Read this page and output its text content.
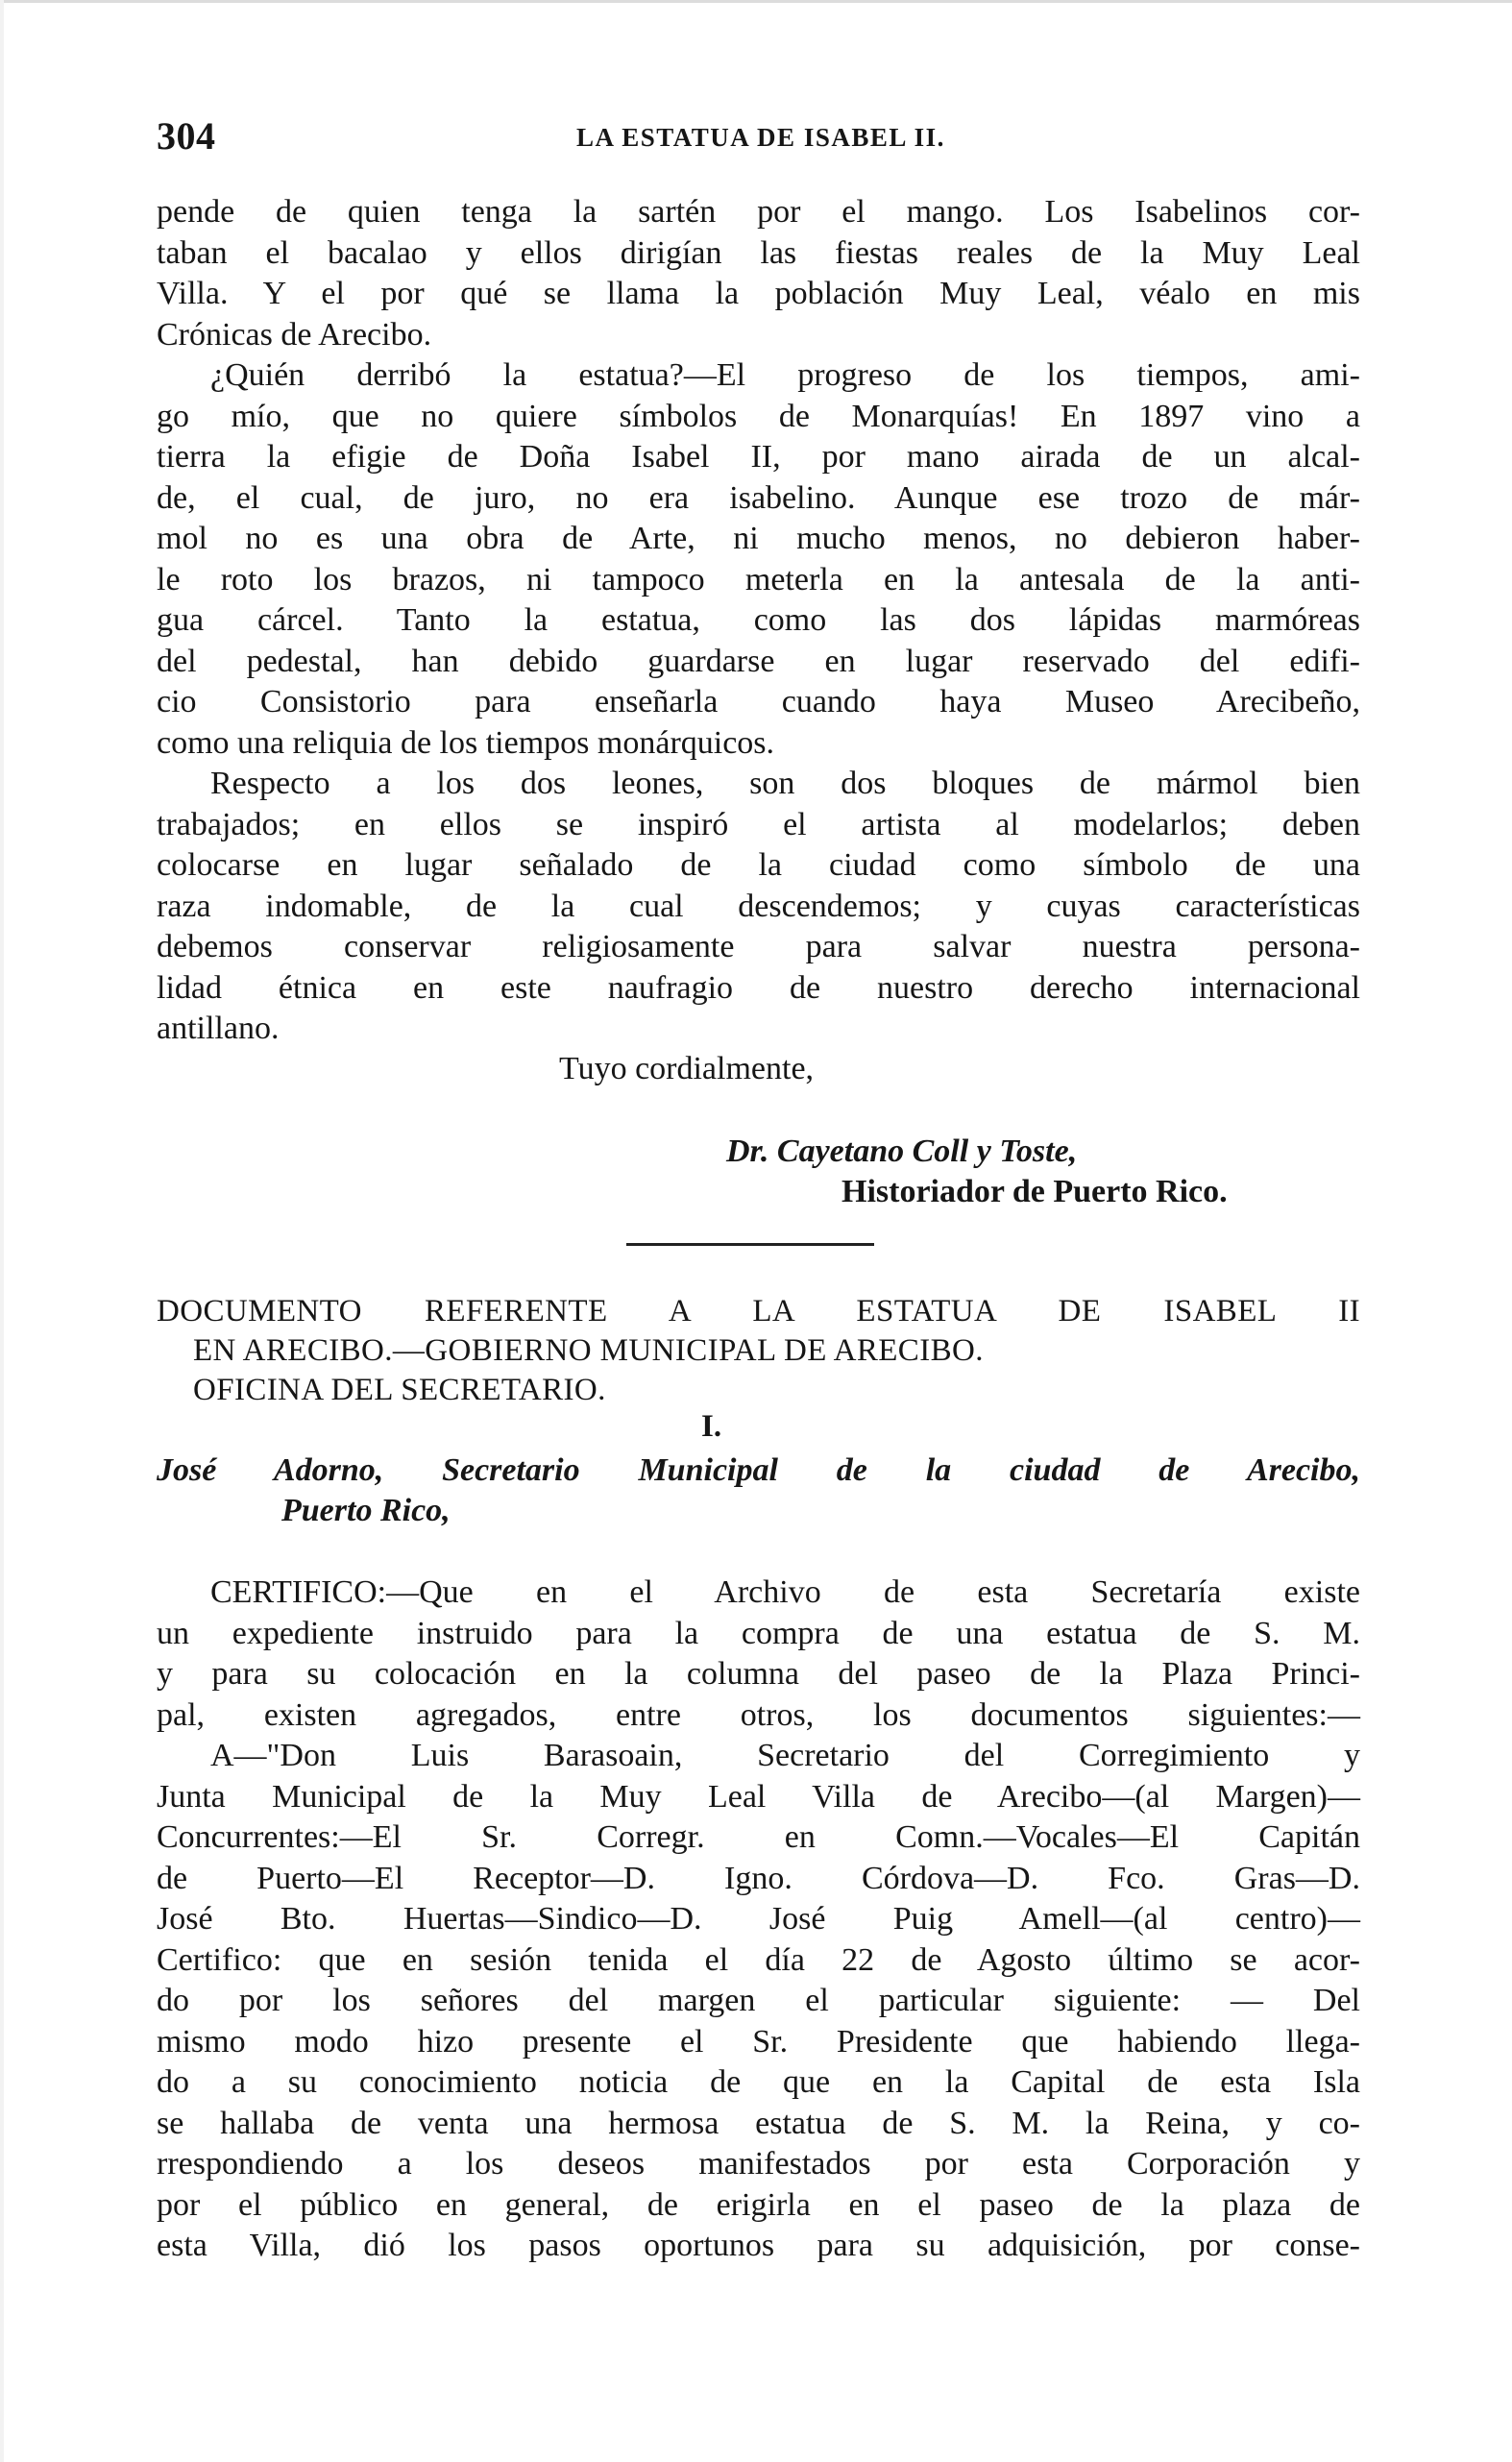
304	LA ESTATUA DE ISABEL II.
pende de quien tenga la sartén por el mango. Los Isabelinos cor-
taban el bacalao y ellos dirigían las fiestas reales de la Muy Leal
Villa. Y el por qué se llama la población Muy Leal, véalo en mis
Crónicas de Arecibo.
¿Quién derribó la estatua?—El progreso de los tiempos, ami-
go mío, que no quiere símbolos de Monarquías! En 1897 vino a
tierra la efigie de Doña Isabel II, por mano airada de un alcal-
de, el cual, de juro, no era isabelino. Aunque ese trozo de már-
mol no es una obra de Arte, ni mucho menos, no debieron haber-
le roto los brazos, ni tampoco meterla en la antesala de la anti-
gua cárcel. Tanto la estatua, como las dos lápidas marmóreas
del pedestal, han debido guardarse en lugar reservado del edifi-
cio Consistorio para enseñarla cuando haya Museo Arecibeño,
como una reliquia de los tiempos monárquicos.
Respecto a los dos leones, son dos bloques de mármol bien
trabajados; en ellos se inspiró el artista al modelarlos; deben
colocarse en lugar señalado de la ciudad como símbolo de una
raza indomable, de la cual descendemos; y cuyas características
debemos conservar religiosamente para salvar nuestra persona-
lidad étnica en este naufragio de nuestro derecho internacional
antillano.
Tuyo cordialmente,
Dr. Cayetano Coll y Toste,
Historiador de Puerto Rico.
DOCUMENTO REFERENTE A LA ESTATUA DE ISABEL II
EN ARECIBO.—GOBIERNO MUNICIPAL DE ARECIBO.
OFICINA DEL SECRETARIO.
I.
José Adorno, Secretario Municipal de la ciudad de Arecibo,
Puerto Rico,
CERTIFICO:—Que en el Archivo de esta Secretaría existe
un expediente instruido para la compra de una estatua de S. M.
y para su colocación en la columna del paseo de la Plaza Princi-
pal, existen agregados, entre otros, los documentos siguientes:—
A—"Don Luis Barasoain, Secretario del Corregimiento y
Junta Municipal de la Muy Leal Villa de Arecibo—(al Margen)—
Concurrentes:—El Sr. Corregr. en Comn.—Vocales—El Capitán
de Puerto—El Receptor—D. Igno. Córdova—D. Fco. Gras—D.
José Bto. Huertas—Sindico—D. José Puig Amell—(al centro)—
Certifico: que en sesión tenida el día 22 de Agosto último se acor-
do por los señores del margen el particular siguiente: — Del
mismo modo hizo presente el Sr. Presidente que habiendo llega-
do a su conocimiento noticia de que en la Capital de esta Isla
se hallaba de venta una hermosa estatua de S. M. la Reina, y co-
rrespondiendo a los deseos manifestados por esta Corporación y
por el público en general, de erigirla en el paseo de la plaza de
esta Villa, dió los pasos oportunos para su adquisición, por conse-
